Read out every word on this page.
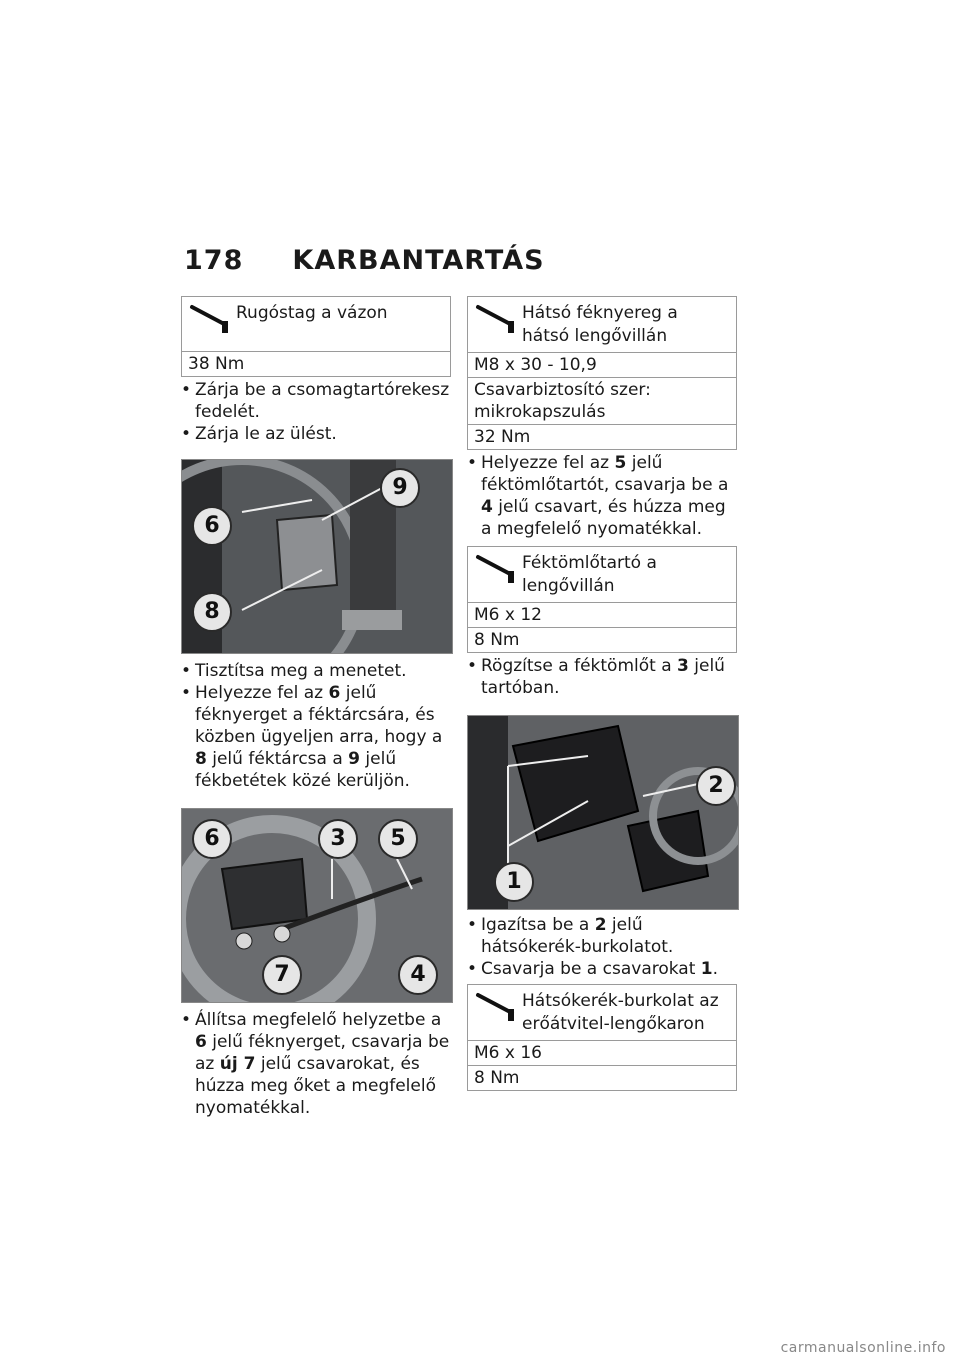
178 KARBANTARTÁS
Rugóstag a vázon
38 Nm
• Zárja be a csomagtartórekesz fedelét.
• Zárja le az ülést.
6
8
9
• Tisztítsa meg a menetet.
• Helyezze fel az 6 jelű féknyerget a féktárcsára, és közben ügyeljen arra, hogy a 8 jelű féktárcsa a 9 jelű fékbetétek közé kerüljön.
6	3	5
7	4
• Állítsa megfelelő helyzetbe a 6 jelű féknyerget, csavarja be az új 7 jelű csavarokat, és húzza meg őket a megfelelő nyomatékkal.
Hátsó féknyereg a hátsó lengővillán
M8 x 30 - 10,9
Csavarbiztosító szer: mikrokapszulás
32 Nm
• Helyezze fel az 5 jelű féktömlőtartót, csavarja be a 4 jelű csavart, és húzza meg a megfelelő nyomatékkal.
Féktömlőtartó a lengővillán
M6 x 12
8 Nm
• Rögzítse a féktömlőt a 3 jelű tartóban.
2
1
• Igazítsa be a 2 jelű hátsókerék-burkolatot.
• Csavarja be a csavarokat 1.
Hátsókerék-burkolat az erőátvitel-lengőkaron
M6 x 16
8 Nm
carmanualsonline.info
